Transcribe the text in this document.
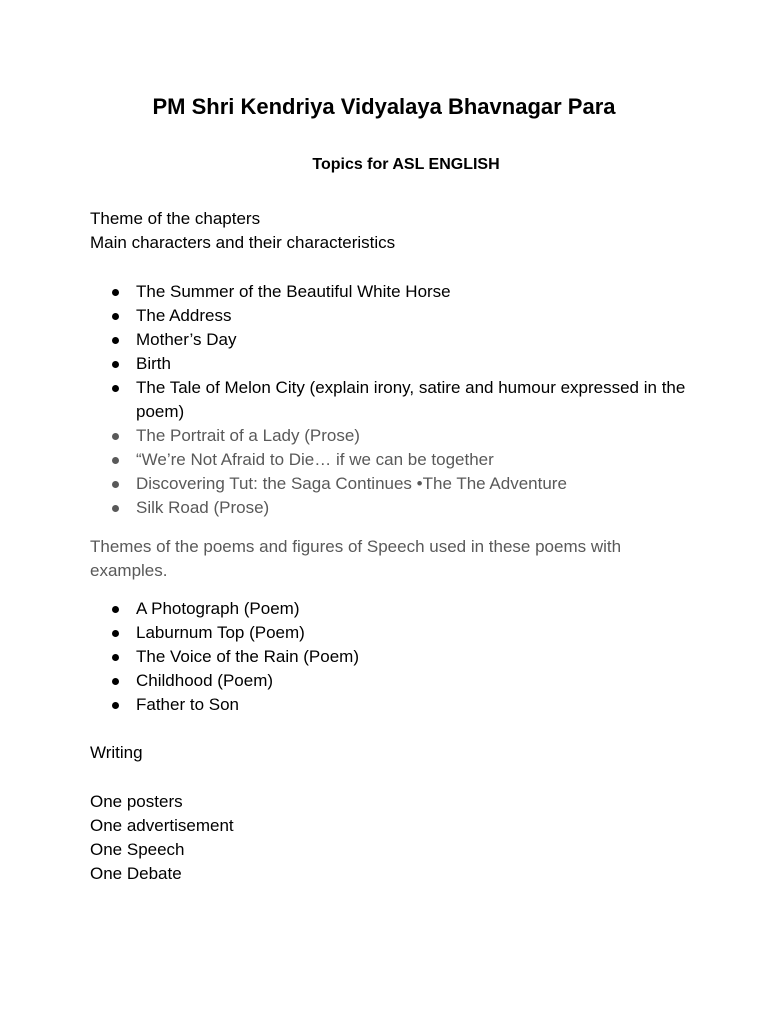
PM Shri Kendriya Vidyalaya Bhavnagar Para
Topics for ASL ENGLISH

Theme of the chapters

Main characters and their characteristics

The Summer of the Beautiful White Horse
The Address
Mother’s Day
Birth
The Tale of Melon City (explain irony, satire and humour expressed in the poem)
The Portrait of a Lady (Prose)
“We’re Not Afraid to Die… if we can be together
Discovering Tut: the Saga Continues •The The Adventure
Silk Road (Prose)

Themes of the poems and figures of Speech used in these poems with examples.

A Photograph (Poem)
Laburnum Top (Poem)
The Voice of the Rain (Poem)
Childhood (Poem)
Father to Son

Writing

One posters

One advertisement

One Speech

One Debate
